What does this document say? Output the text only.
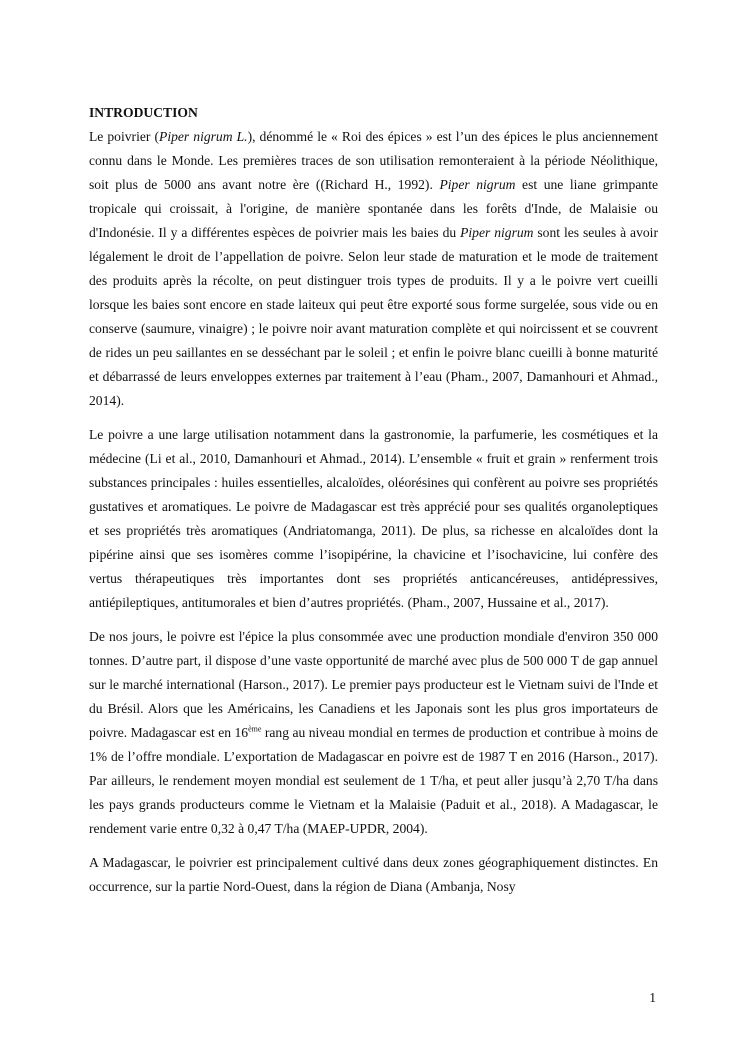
INTRODUCTION
Le poivrier (Piper nigrum L.), dénommé le « Roi des épices » est l’un des épices le plus anciennement connu dans le Monde. Les premières traces de son utilisation remonteraient à la période Néolithique, soit plus de 5000 ans avant notre ère ((Richard H., 1992). Piper nigrum est une liane grimpante tropicale qui croissait, à l'origine, de manière spontanée dans les forêts d'Inde, de Malaisie ou d'Indonésie. Il y a différentes espèces de poivrier mais les baies du Piper nigrum sont les seules à avoir légalement le droit de l’appellation de poivre. Selon leur stade de maturation et le mode de traitement des produits après la récolte, on peut distinguer trois types de produits. Il y a le poivre vert cueilli lorsque les baies sont encore en stade laiteux qui peut être exporté sous forme surgelée, sous vide ou en conserve (saumure, vinaigre) ; le poivre noir avant maturation complète et qui noircissent et se couvrent de rides un peu saillantes en se desséchant par le soleil ; et enfin le poivre blanc cueilli à bonne maturité et débarrassé de leurs enveloppes externes par traitement à l’eau (Pham., 2007, Damanhouri et Ahmad., 2014).

Le poivre a une large utilisation notamment dans la gastronomie, la parfumerie, les cosmétiques et la médecine (Li et al., 2010, Damanhouri et Ahmad., 2014). L’ensemble « fruit et grain » renferment trois substances principales : huiles essentielles, alcaloïdes, oléorésines qui confèrent au poivre ses propriétés gustatives et aromatiques. Le poivre de Madagascar est très apprécié pour ses qualités organoleptiques et ses propriétés très aromatiques (Andriatomanga, 2011). De plus, sa richesse en alcaloïdes dont la pipérine ainsi que ses isomères comme l’isopipérine, la chavicine et l’isochavicine, lui confère des vertus thérapeutiques très importantes dont ses propriétés anticancéreuses, antidépressives, antiépileptiques, antitumorales et bien d’autres propriétés. (Pham., 2007, Hussaine et al., 2017).

De nos jours, le poivre est l'épice la plus consommée avec une production mondiale d'environ 350 000 tonnes. D’autre part, il dispose d’une vaste opportunité de marché avec plus de 500 000 T de gap annuel sur le marché international (Harson., 2017). Le premier pays producteur est le Vietnam suivi de l'Inde et du Brésil. Alors que les Américains, les Canadiens et les Japonais sont les plus gros importateurs de poivre. Madagascar est en 16ème rang au niveau mondial en termes de production et contribue à moins de 1% de l’offre mondiale. L’exportation de Madagascar en poivre est de 1987 T en 2016 (Harson., 2017). Par ailleurs, le rendement moyen mondial est seulement de 1 T/ha, et peut aller jusqu’à 2,70 T/ha dans les pays grands producteurs comme le Vietnam et la Malaisie (Paduit et al., 2018). A Madagascar, le rendement varie entre 0,32 à 0,47 T/ha (MAEP-UPDR, 2004).

A Madagascar, le poivrier est principalement cultivé dans deux zones géographiquement distinctes. En occurrence, sur la partie Nord-Ouest, dans la région de Diana (Ambanja, Nosy

1
